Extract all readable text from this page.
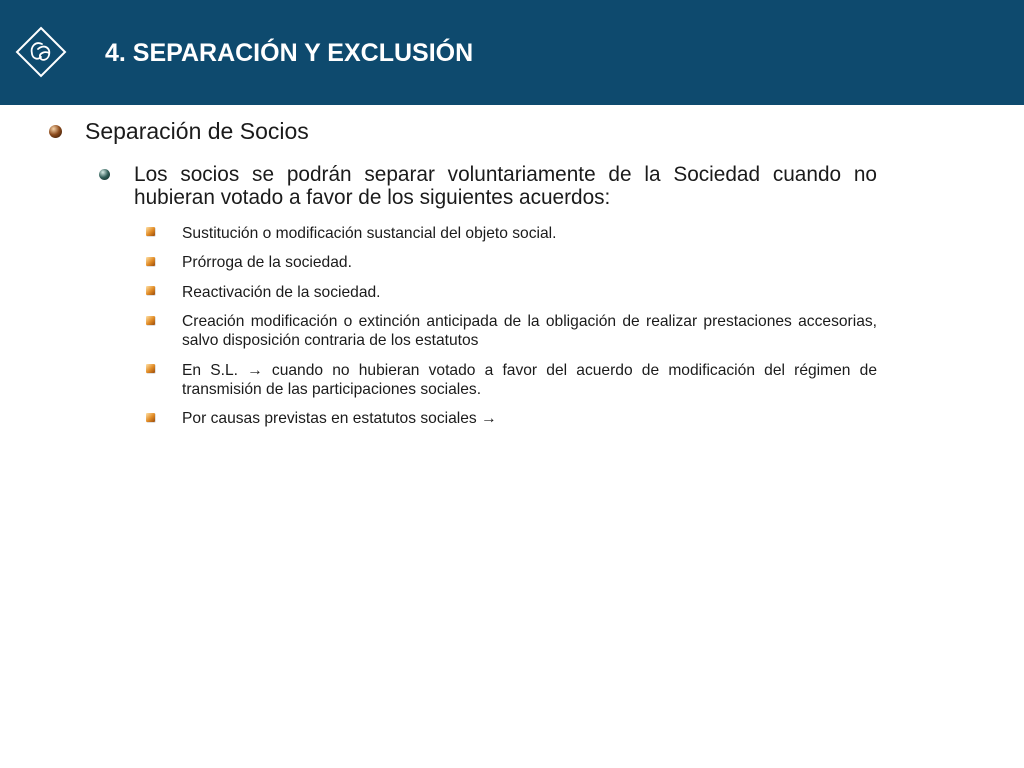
4. SEPARACIÓN Y EXCLUSIÓN
Separación de Socios
Los socios se podrán separar voluntariamente de la Sociedad cuando no hubieran votado a favor de los siguientes acuerdos:
Sustitución o modificación sustancial del objeto social.
Prórroga de la sociedad.
Reactivación de la sociedad.
Creación modificación o extinción anticipada de la obligación de realizar prestaciones accesorias, salvo disposición contraria de los estatutos
En S.L. → cuando no hubieran votado a favor del acuerdo de modificación del régimen de transmisión de las participaciones sociales.
Por causas previstas en estatutos sociales →
